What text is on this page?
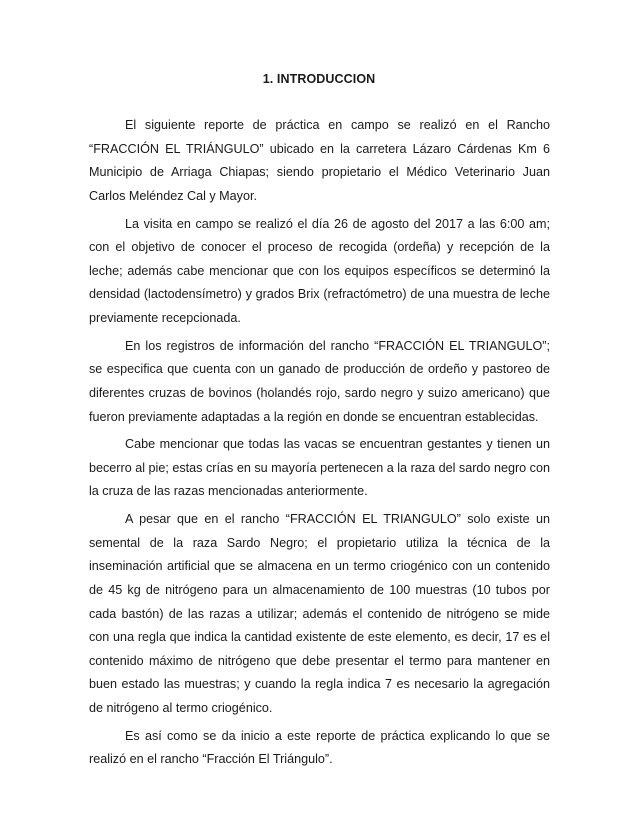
1. INTRODUCCION

El siguiente reporte de práctica en campo se realizó en el Rancho “FRACCIÓN EL TRIÁNGULO” ubicado en la carretera Lázaro Cárdenas Km 6 Municipio de Arriaga Chiapas; siendo propietario el Médico Veterinario Juan Carlos Meléndez Cal y Mayor.

La visita en campo se realizó el día 26 de agosto del 2017 a las 6:00 am; con el objetivo de conocer el proceso de recogida (ordeña) y recepción de la leche; además cabe mencionar que con los equipos específicos se determinó la densidad (lactodensímetro) y grados Brix (refractómetro) de una muestra de leche previamente recepcionada.

En los registros de información del rancho “FRACCIÓN EL TRIANGULO”; se especifica que cuenta con un ganado de producción de ordeño y pastoreo de diferentes cruzas de bovinos (holandés rojo, sardo negro y suizo americano) que fueron previamente adaptadas a la región en donde se encuentran establecidas.

Cabe mencionar que todas las vacas se encuentran gestantes y tienen un becerro al pie; estas crías en su mayoría pertenecen a la raza del sardo negro con la cruza de las razas mencionadas anteriormente.

A pesar que en el rancho “FRACCIÓN EL TRIANGULO” solo existe un semental de la raza Sardo Negro; el propietario utiliza la técnica de la inseminación artificial que se almacena en un termo criogénico con un contenido de 45 kg de nitrógeno para un almacenamiento de 100 muestras (10 tubos por cada bastón) de las razas a utilizar; además el contenido de nitrógeno se mide con una regla que indica la cantidad existente de este elemento, es decir, 17 es el contenido máximo de nitrógeno que debe presentar el termo para mantener en buen estado las muestras; y cuando la regla indica 7 es necesario la agregación de nitrógeno al termo criogénico.

Es así como se da inicio a este reporte de práctica explicando lo que se realizó en el rancho “Fracción El Triángulo”.
